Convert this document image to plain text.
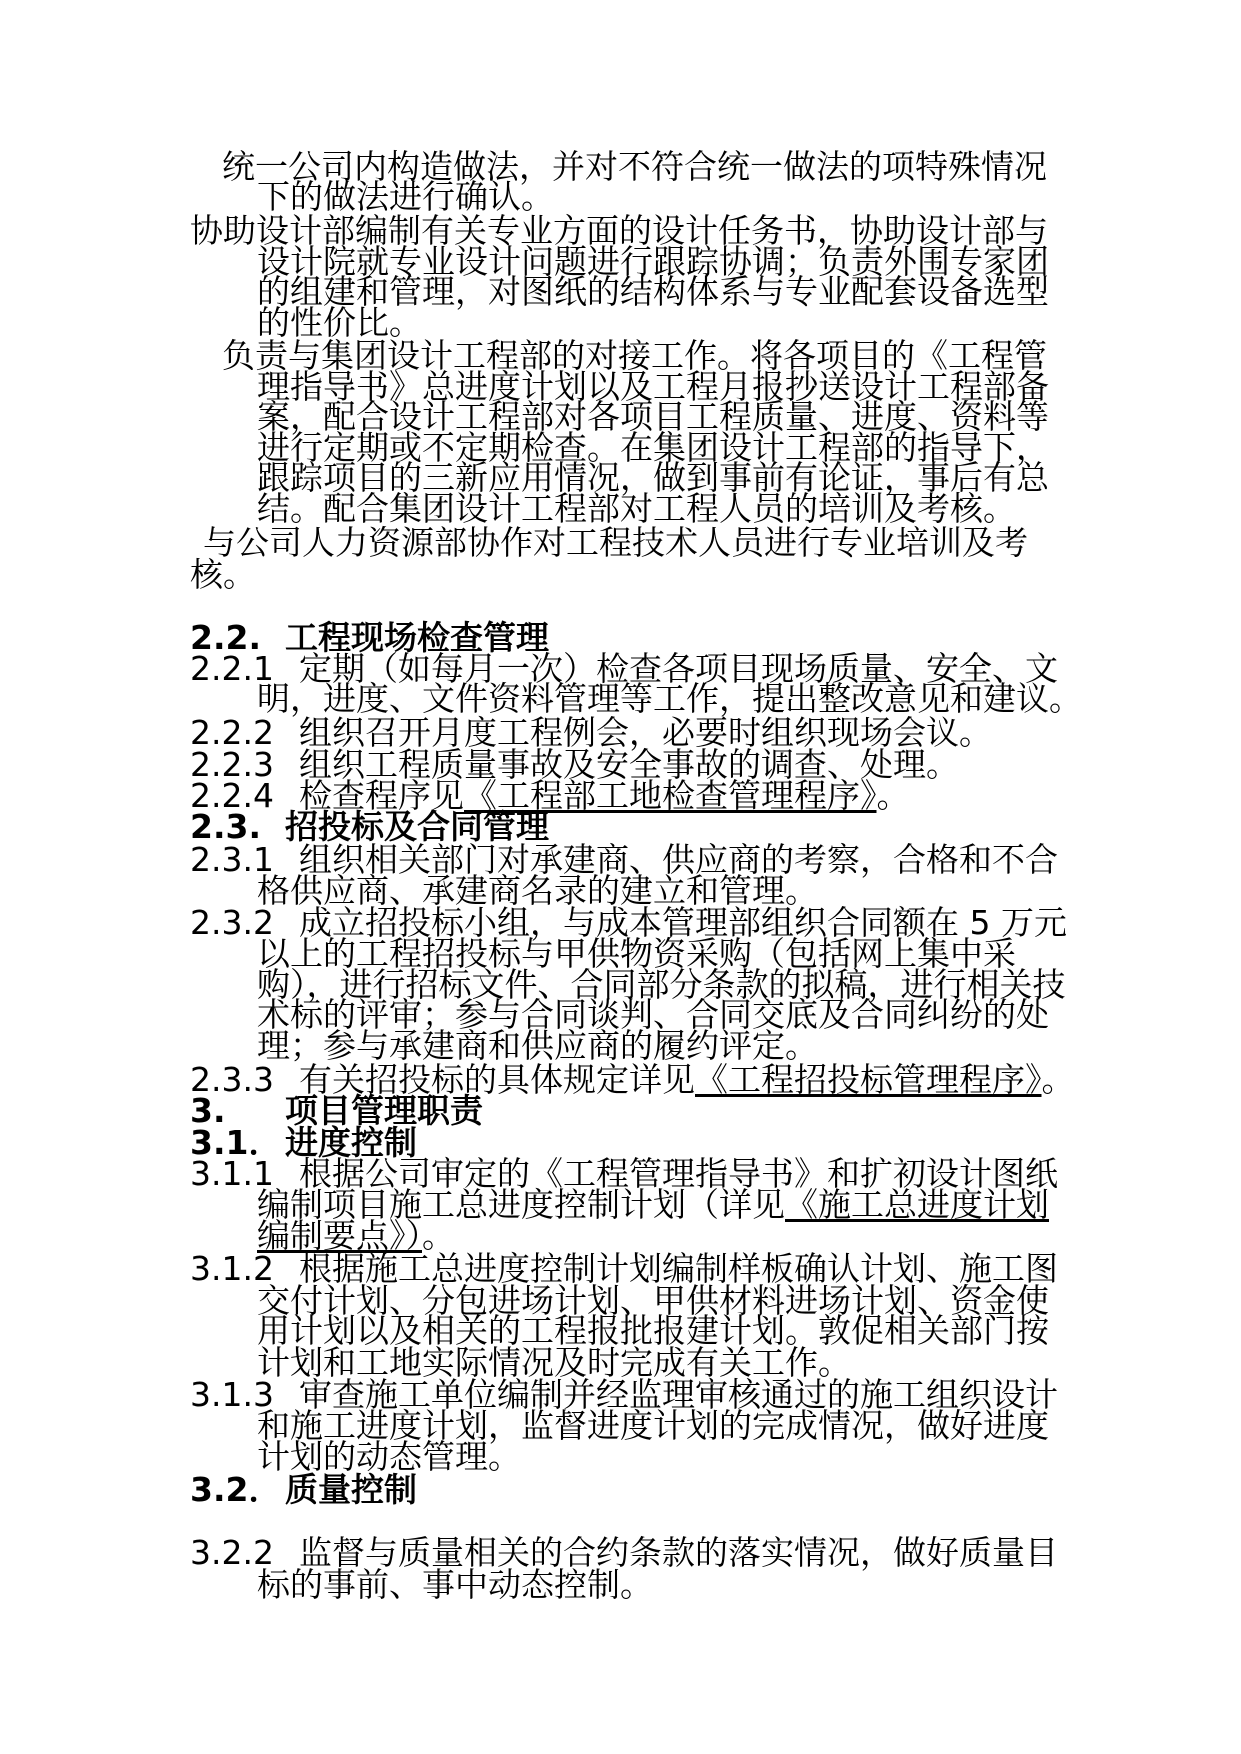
统一公司内构造做法，并对不符合统一做法的项特殊情况
下的做法进行确认。
协助设计部编制有关专业方面的设计任务书，协助设计部与
设计院就专业设计问题进行跟踪协调；负责外围专家团
的组建和管理，对图纸的结构体系与专业配套设备选型
的性价比。
负责与集团设计工程部的对接工作。将各项目的《工程管
理指导书》总进度计划以及工程月报抄送设计工程部备
案，配合设计工程部对各项目工程质量、进度、资料等
进行定期或不定期检查。在集团设计工程部的指导下，
跟踪项目的三新应用情况，做到事前有论证，事后有总
结。配合集团设计工程部对工程人员的培训及考核。
与公司人力资源部协作对工程技术人员进行专业培训及考
核。
2.2. 工程现场检查管理
2.2.1 定期（如每月一次）检查各项目现场质量、安全、文
明，进度、文件资料管理等工作，提出整改意见和建议。
2.2.2 组织召开月度工程例会，必要时组织现场会议。
2.2.3 组织工程质量事故及安全事故的调查、处理。
2.2.4 检查程序见《工程部工地检查管理程序》。
2.3. 招投标及合同管理
2.3.1 组织相关部门对承建商、供应商的考察，合格和不合
格供应商、承建商名录的建立和管理。
2.3.2 成立招投标小组，与成本管理部组织合同额在 5 万元
以上的工程招投标与甲供物资采购（包括网上集中采
购），进行招标文件、合同部分条款的拟稿，进行相关技
术标的评审；参与合同谈判、合同交底及合同纠纷的处
理；参与承建商和供应商的履约评定。
2.3.3 有关招投标的具体规定详见《工程招投标管理程序》。
3. 项目管理职责
3.1． 进度控制
3.1.1 根据公司审定的《工程管理指导书》和扩初设计图纸
编制项目施工总进度控制计划（详见《施工总进度计划
编制要点》）。
3.1.2 根据施工总进度控制计划编制样板确认计划、施工图
交付计划、分包进场计划、甲供材料进场计划、资金使
用计划以及相关的工程报批报建计划。敦促相关部门按
计划和工地实际情况及时完成有关工作。
3.1.3 审查施工单位编制并经监理审核通过的施工组织设计
和施工进度计划，监督进度计划的完成情况，做好进度
计划的动态管理。
3.2． 质量控制
3.2.2 监督与质量相关的合约条款的落实情况，做好质量目
标的事前、事中动态控制。
